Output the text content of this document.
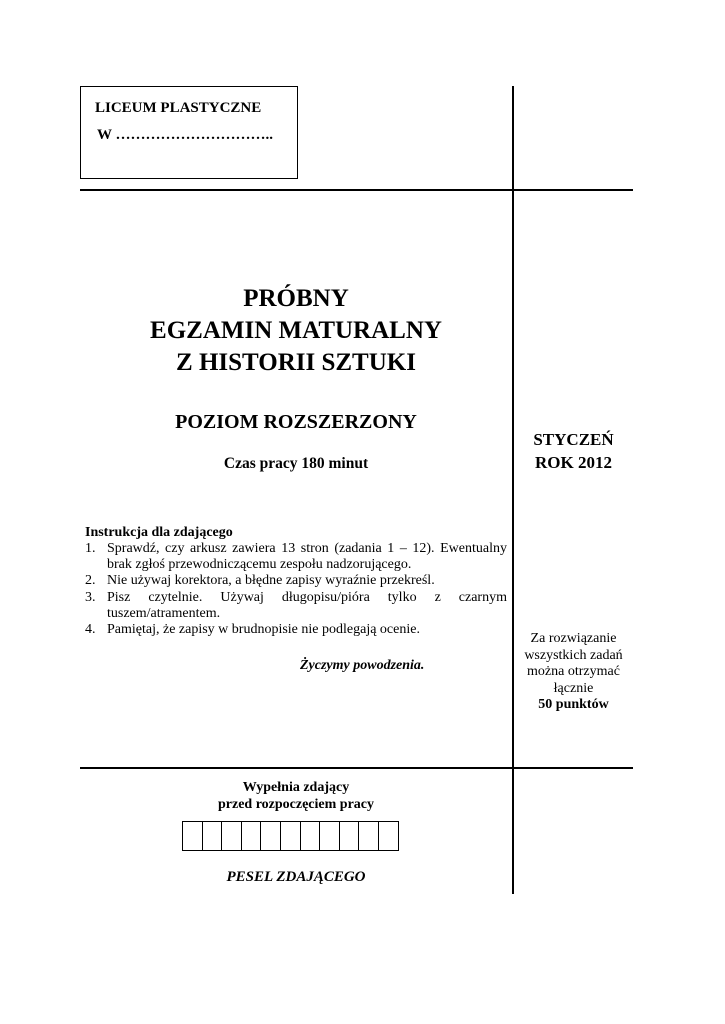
LICEUM PLASTYCZNE
W …………………………..
PRÓBNY
EGZAMIN MATURALNY
Z HISTORII SZTUKI
POZIOM ROZSZERZONY
Czas pracy 180 minut
STYCZEŃ
ROK 2012
Instrukcja dla zdającego
1. Sprawdź, czy arkusz zawiera 13 stron (zadania 1 – 12). Ewentualny brak zgłoś przewodniczącemu zespołu nadzorującego.
2. Nie używaj korektora, a błędne zapisy wyraźnie przekreśl.
3. Pisz czytelnie. Używaj długopisu/pióra tylko z czarnym tuszem/atramentem.
4. Pamiętaj, że zapisy w brudnopisie nie podlegają ocenie.
Życzymy powodzenia.
Za rozwiązanie
wszystkich zadań
można otrzymać
łącznie
50 punktów
Wypełnia zdający
przed rozpoczęciem pracy
PESEL ZDAJĄCEGO
